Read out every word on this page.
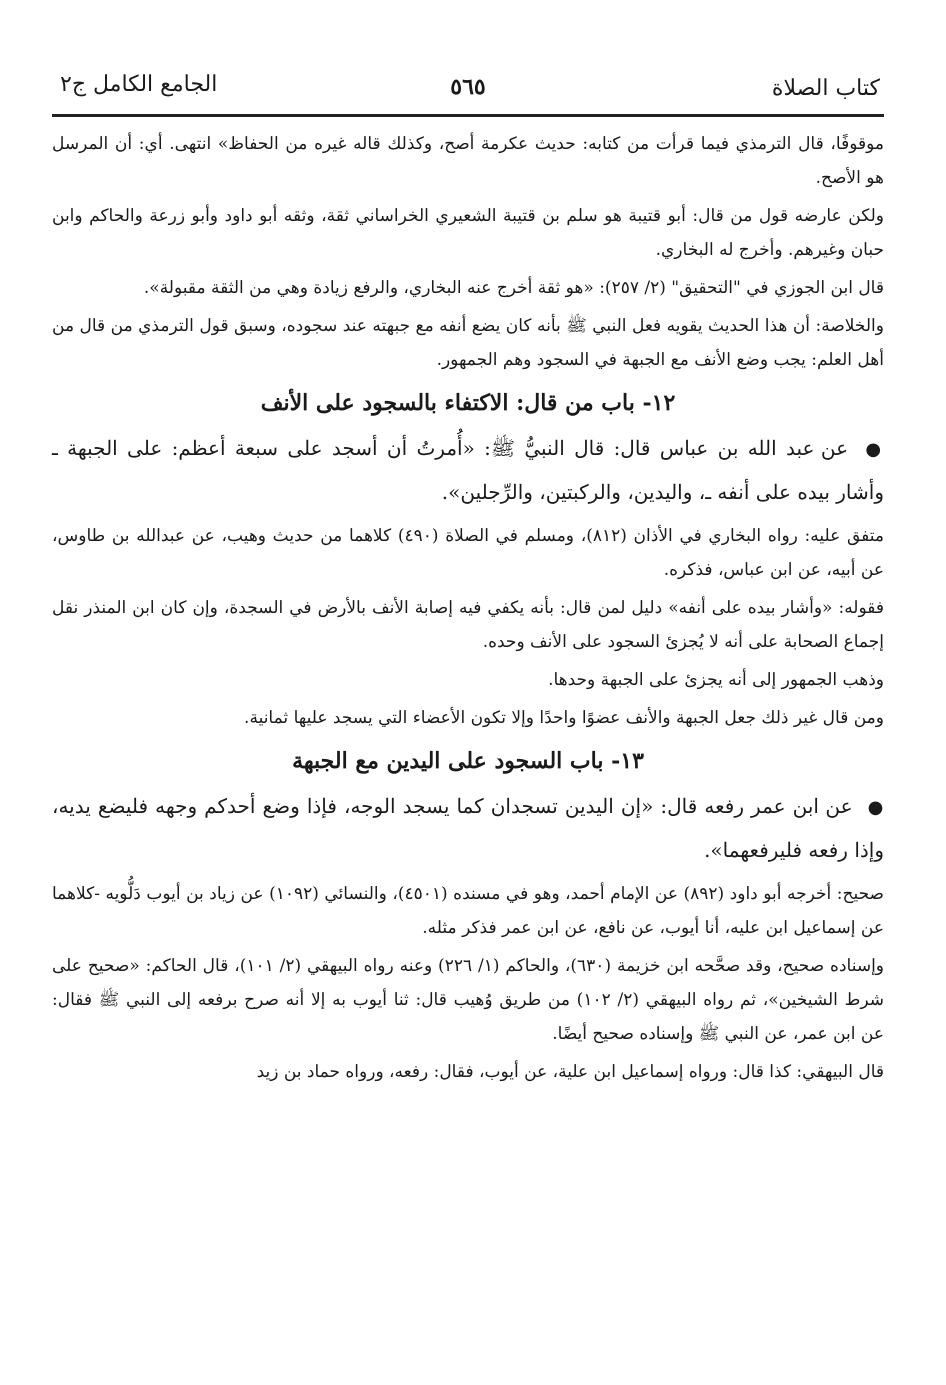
كتاب الصلاة
٥٦٥
الجامع الكامل ج٢

موقوفًا، قال الترمذي فيما قرأت من كتابه: حديث عكرمة أصح، وكذلك قاله غيره من الحفاظ» انتهى. أي: أن المرسل هو الأصح.

ولكن عارضه قول من قال: أبو قتيبة هو سلم بن قتيبة الشعيري الخراساني ثقة، وثقه أبو داود وأبو زرعة والحاكم وابن حبان وغيرهم. وأخرج له البخاري.

قال ابن الجوزي في "التحقيق" (٢/ ٢٥٧): «هو ثقة أخرج عنه البخاري، والرفع زيادة وهي من الثقة مقبولة».

والخلاصة: أن هذا الحديث يقويه فعل النبي ﷺ بأنه كان يضع أنفه مع جبهته عند سجوده، وسبق قول الترمذي من قال من أهل العلم: يجب وضع الأنف مع الجبهة في السجود وهم الجمهور.

١٢- باب من قال: الاكتفاء بالسجود على الأنف

● عن عبد الله بن عباس قال: قال النبيُّ ﷺ: «أُمرتُ أن أسجد على سبعة أعظم: على الجبهة ـ وأشار بيده على أنفه ـ، واليدين، والركبتين، والرِّجلين».

متفق عليه: رواه البخاري في الأذان (٨١٢)، ومسلم في الصلاة (٤٩٠) كلاهما من حديث وهيب، عن عبدالله بن طاوس، عن أبيه، عن ابن عباس، فذكره.

فقوله: «وأشار بيده على أنفه» دليل لمن قال: بأنه يكفي فيه إصابة الأنف بالأرض في السجدة، وإن كان ابن المنذر نقل إجماع الصحابة على أنه لا يُجزئ السجود على الأنف وحده.

وذهب الجمهور إلى أنه يجزئ على الجبهة وحدها.

ومن قال غير ذلك جعل الجبهة والأنف عضوًا واحدًا وإلا تكون الأعضاء التي يسجد عليها ثمانية.

١٣- باب السجود على اليدين مع الجبهة

● عن ابن عمر رفعه قال: «إن اليدين تسجدان كما يسجد الوجه، فإذا وضع أحدكم وجهه فليضع يديه، وإذا رفعه فليرفعهما».

صحيح: أخرجه أبو داود (٨٩٢) عن الإمام أحمد، وهو في مسنده (٤٥٠١)، والنسائي (١٠٩٢) عن زياد بن أيوب دَلُّويه -كلاهما عن إسماعيل ابن عليه، أنا أيوب، عن نافع، عن ابن عمر فذكر مثله.

وإسناده صحيح، وقد صحَّحه ابن خزيمة (٦٣٠)، والحاكم (١/ ٢٢٦) وعنه رواه البيهقي (٢/ ١٠١)، قال الحاكم: «صحيح على شرط الشيخين»، ثم رواه البيهقي (٢/ ١٠٢) من طريق وُهيب قال: ثنا أيوب به إلا أنه صرح برفعه إلى النبي ﷺ فقال: عن ابن عمر، عن النبي ﷺ وإسناده صحيح أيضًا.

قال البيهقي: كذا قال: ورواه إسماعيل ابن علية، عن أيوب، فقال: رفعه، ورواه حماد بن زيد
